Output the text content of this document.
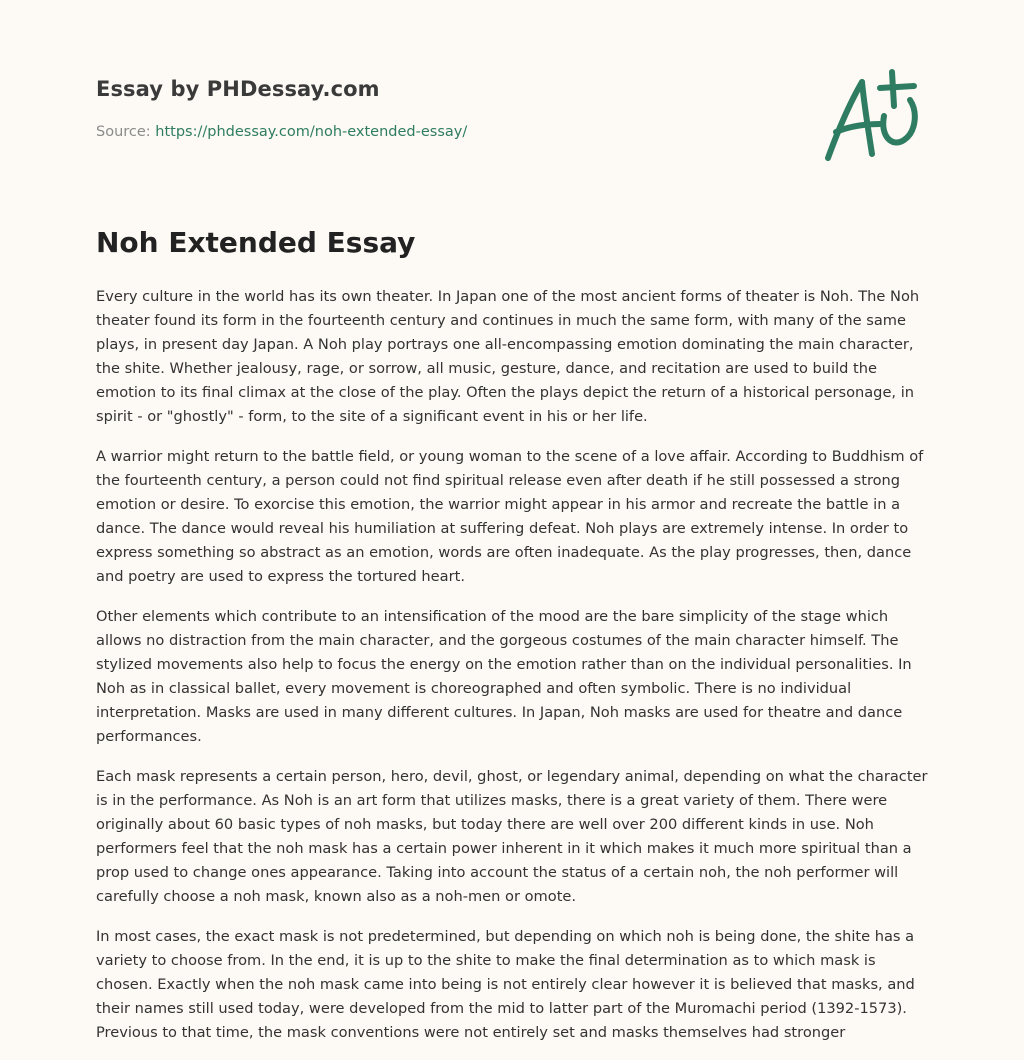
Essay by PHDessay.com
Source: https://phdessay.com/noh-extended-essay/
Noh Extended Essay

Every culture in the world has its own theater. In Japan one of the most ancient forms of theater is Noh. The Noh theater found its form in the fourteenth century and continues in much the same form, with many of the same plays, in present day Japan. A Noh play portrays one all-encompassing emotion dominating the main character, the shite. Whether jealousy, rage, or sorrow, all music, gesture, dance, and recitation are used to build the emotion to its final climax at the close of the play. Often the plays depict the return of a historical personage, in spirit - or "ghostly" - form, to the site of a significant event in his or her life.

A warrior might return to the battle field, or young woman to the scene of a love affair. According to Buddhism of the fourteenth century, a person could not find spiritual release even after death if he still possessed a strong emotion or desire. To exorcise this emotion, the warrior might appear in his armor and recreate the battle in a dance. The dance would reveal his humiliation at suffering defeat. Noh plays are extremely intense. In order to express something so abstract as an emotion, words are often inadequate. As the play progresses, then, dance and poetry are used to express the tortured heart.

Other elements which contribute to an intensification of the mood are the bare simplicity of the stage which allows no distraction from the main character, and the gorgeous costumes of the main character himself. The stylized movements also help to focus the energy on the emotion rather than on the individual personalities. In Noh as in classical ballet, every movement is choreographed and often symbolic. There is no individual interpretation. Masks are used in many different cultures. In Japan, Noh masks are used for theatre and dance performances.

Each mask represents a certain person, hero, devil, ghost, or legendary animal, depending on what the character is in the performance. As Noh is an art form that utilizes masks, there is a great variety of them. There were originally about 60 basic types of noh masks, but today there are well over 200 different kinds in use. Noh performers feel that the noh mask has a certain power inherent in it which makes it much more spiritual than a prop used to change ones appearance. Taking into account the status of a certain noh, the noh performer will carefully choose a noh mask, known also as a noh-men or omote.

In most cases, the exact mask is not predetermined, but depending on which noh is being done, the shite has a variety to choose from. In the end, it is up to the shite to make the final determination as to which mask is chosen. Exactly when the noh mask came into being is not entirely clear however it is believed that masks, and their names still used today, were developed from the mid to latter part of the Muromachi period (1392-1573). Previous to that time, the mask conventions were not entirely set and masks themselves had stronger
